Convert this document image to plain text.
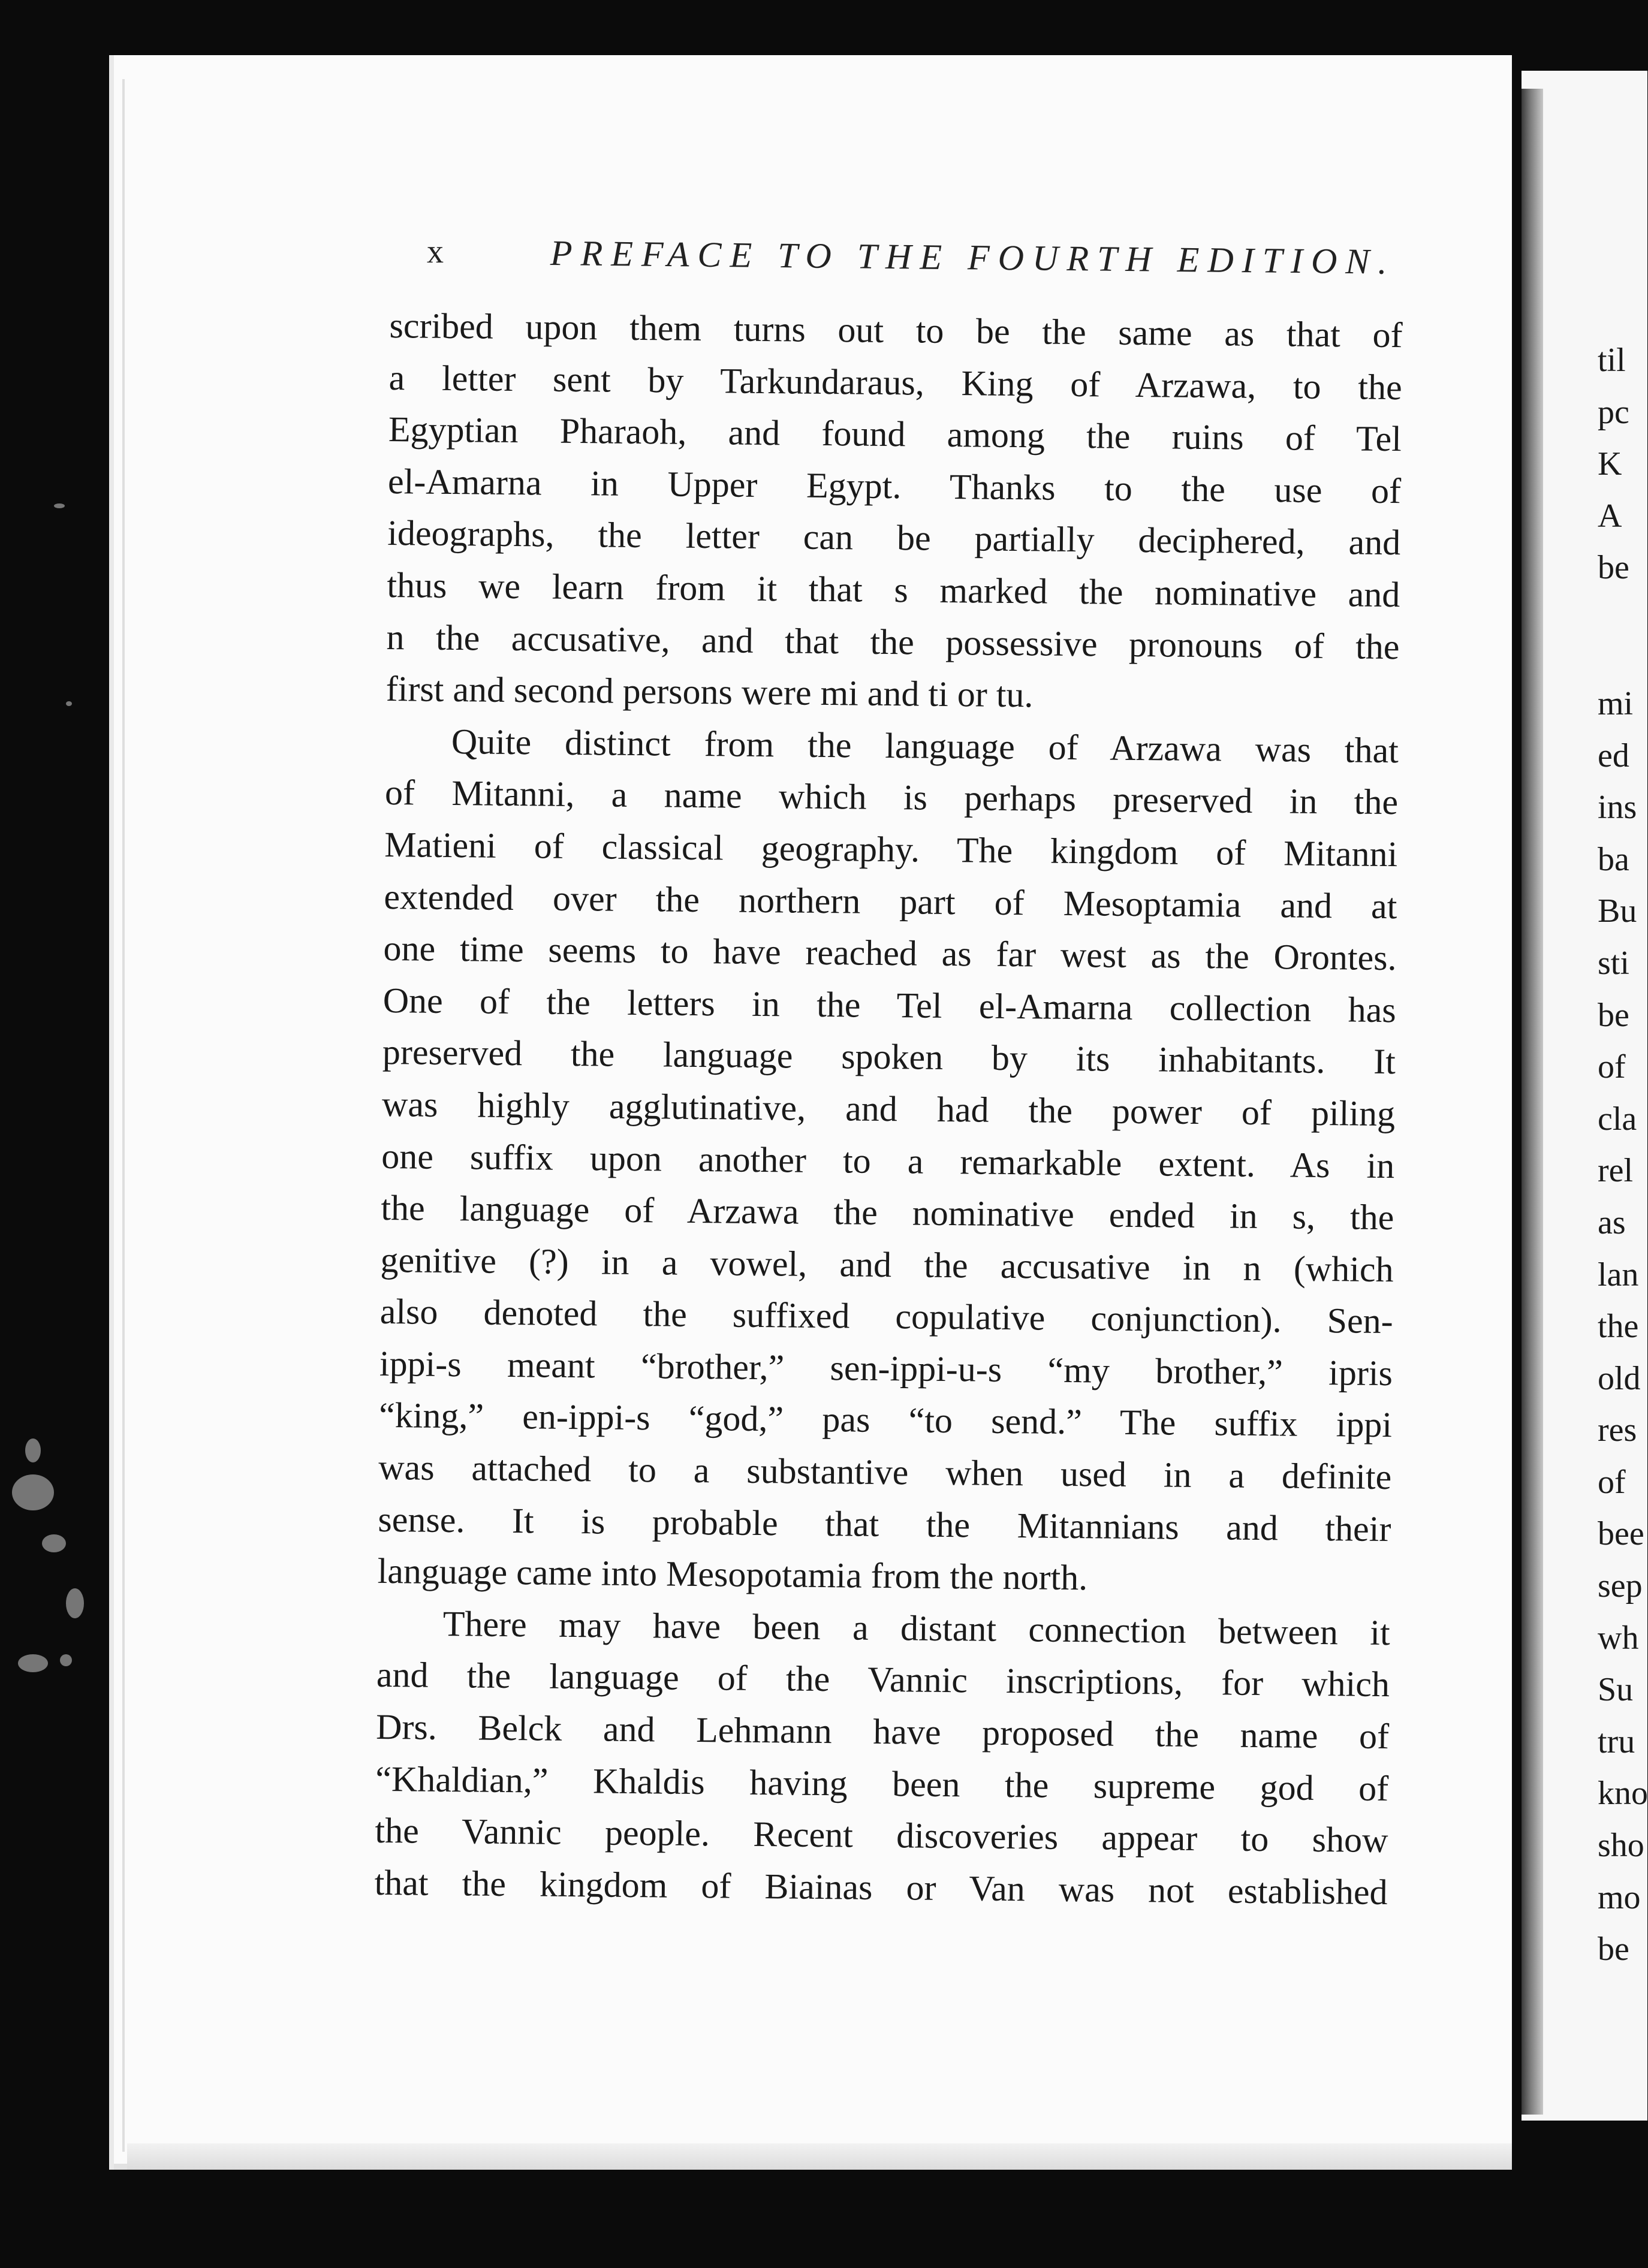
x	PREFACE TO THE FOURTH EDITION.
scribed upon them turns out to be the same as that of
a letter sent by Tarkundaraus, King of Arzawa, to the
Egyptian Pharaoh, and found among the ruins of Tel
el-Amarna in Upper Egypt. Thanks to the use of
ideographs, the letter can be partially deciphered, and
thus we learn from it that s marked the nominative and
n the accusative, and that the possessive pronouns of the
first and second persons were mi and ti or tu.
Quite distinct from the language of Arzawa was that
of Mitanni, a name which is perhaps preserved in the
Matieni of classical geography. The kingdom of Mitanni
extended over the northern part of Mesoptamia and at
one time seems to have reached as far west as the Orontes.
One of the letters in the Tel el-Amarna collection has
preserved the language spoken by its inhabitants. It
was highly agglutinative, and had the power of piling
one suffix upon another to a remarkable extent. As in
the language of Arzawa the nominative ended in s, the
genitive (?) in a vowel, and the accusative in n (which
also denoted the suffixed copulative conjunction). Sen-
ippi-s meant “brother,” sen-ippi-u-s “my brother,” ipris
“king,” en-ippi-s “god,” pas “to send.” The suffix ippi
was attached to a substantive when used in a definite
sense. It is probable that the Mitannians and their
language came into Mesopotamia from the north.
There may have been a distant connection between it
and the language of the Vannic inscriptions, for which
Drs. Belck and Lehmann have proposed the name of
“Khaldian,” Khaldis having been the supreme god of
the Vannic people. Recent discoveries appear to show
that the kingdom of Biainas or Van was not established
til
pc
K
A
be
mi
ed
ins
ba
Bu
sti
be
of
cla
rel
as
lan
the
old
res
of
bee
sep
wh
Su
tru
kno
sho
mo
be
